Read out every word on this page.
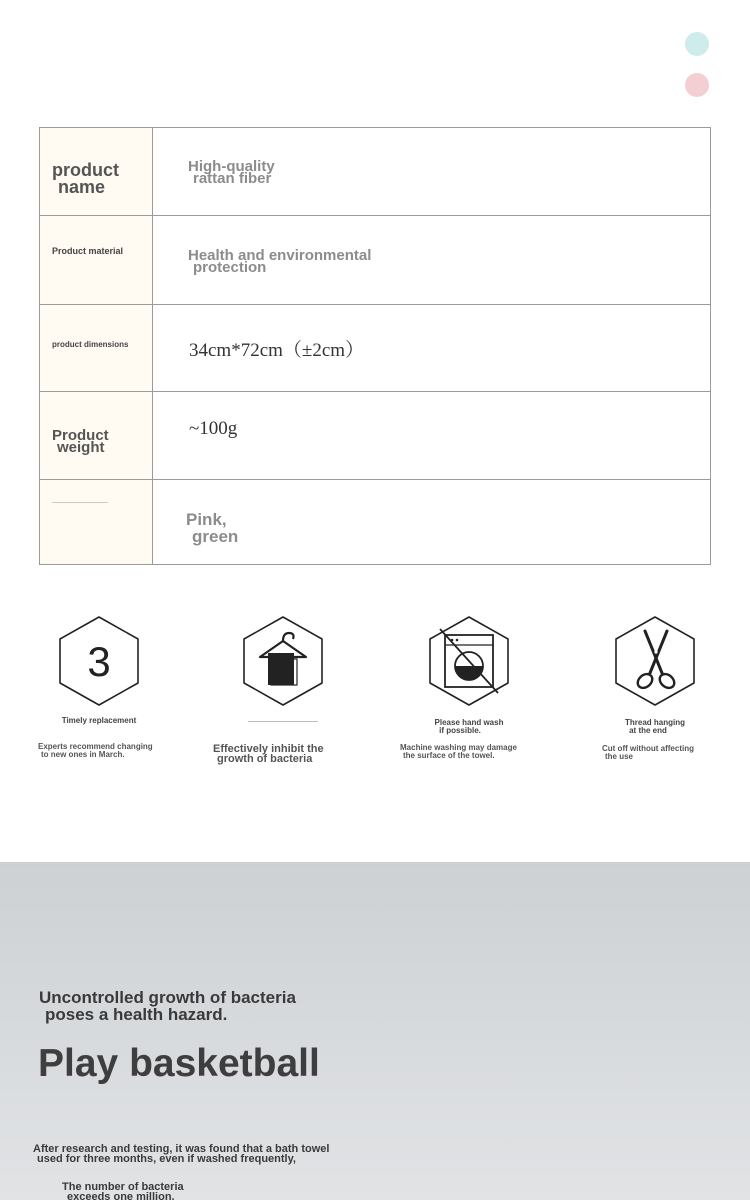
product
name	High-quality
rattan fiber

Product material	Health and environmental
protection

product dimensions	34cm*72cm（±2cm）

Product
weight	~100g

	Pink,
green
3
Timely replacement
Experts recommend changing
to new ones in March.	Effectively inhibit the
growth of bacteria
Please hand wash
if possible.
Machine washing may damage
the surface of the towel.
Thread hanging
at the end
Cut off without affecting
the use
Uncontrolled growth of bacteria
poses a health hazard.
Play basketball
After research and testing, it was found that a bath towel
used for three months, even if washed frequently,
The number of bacteria
exceeds one million.
